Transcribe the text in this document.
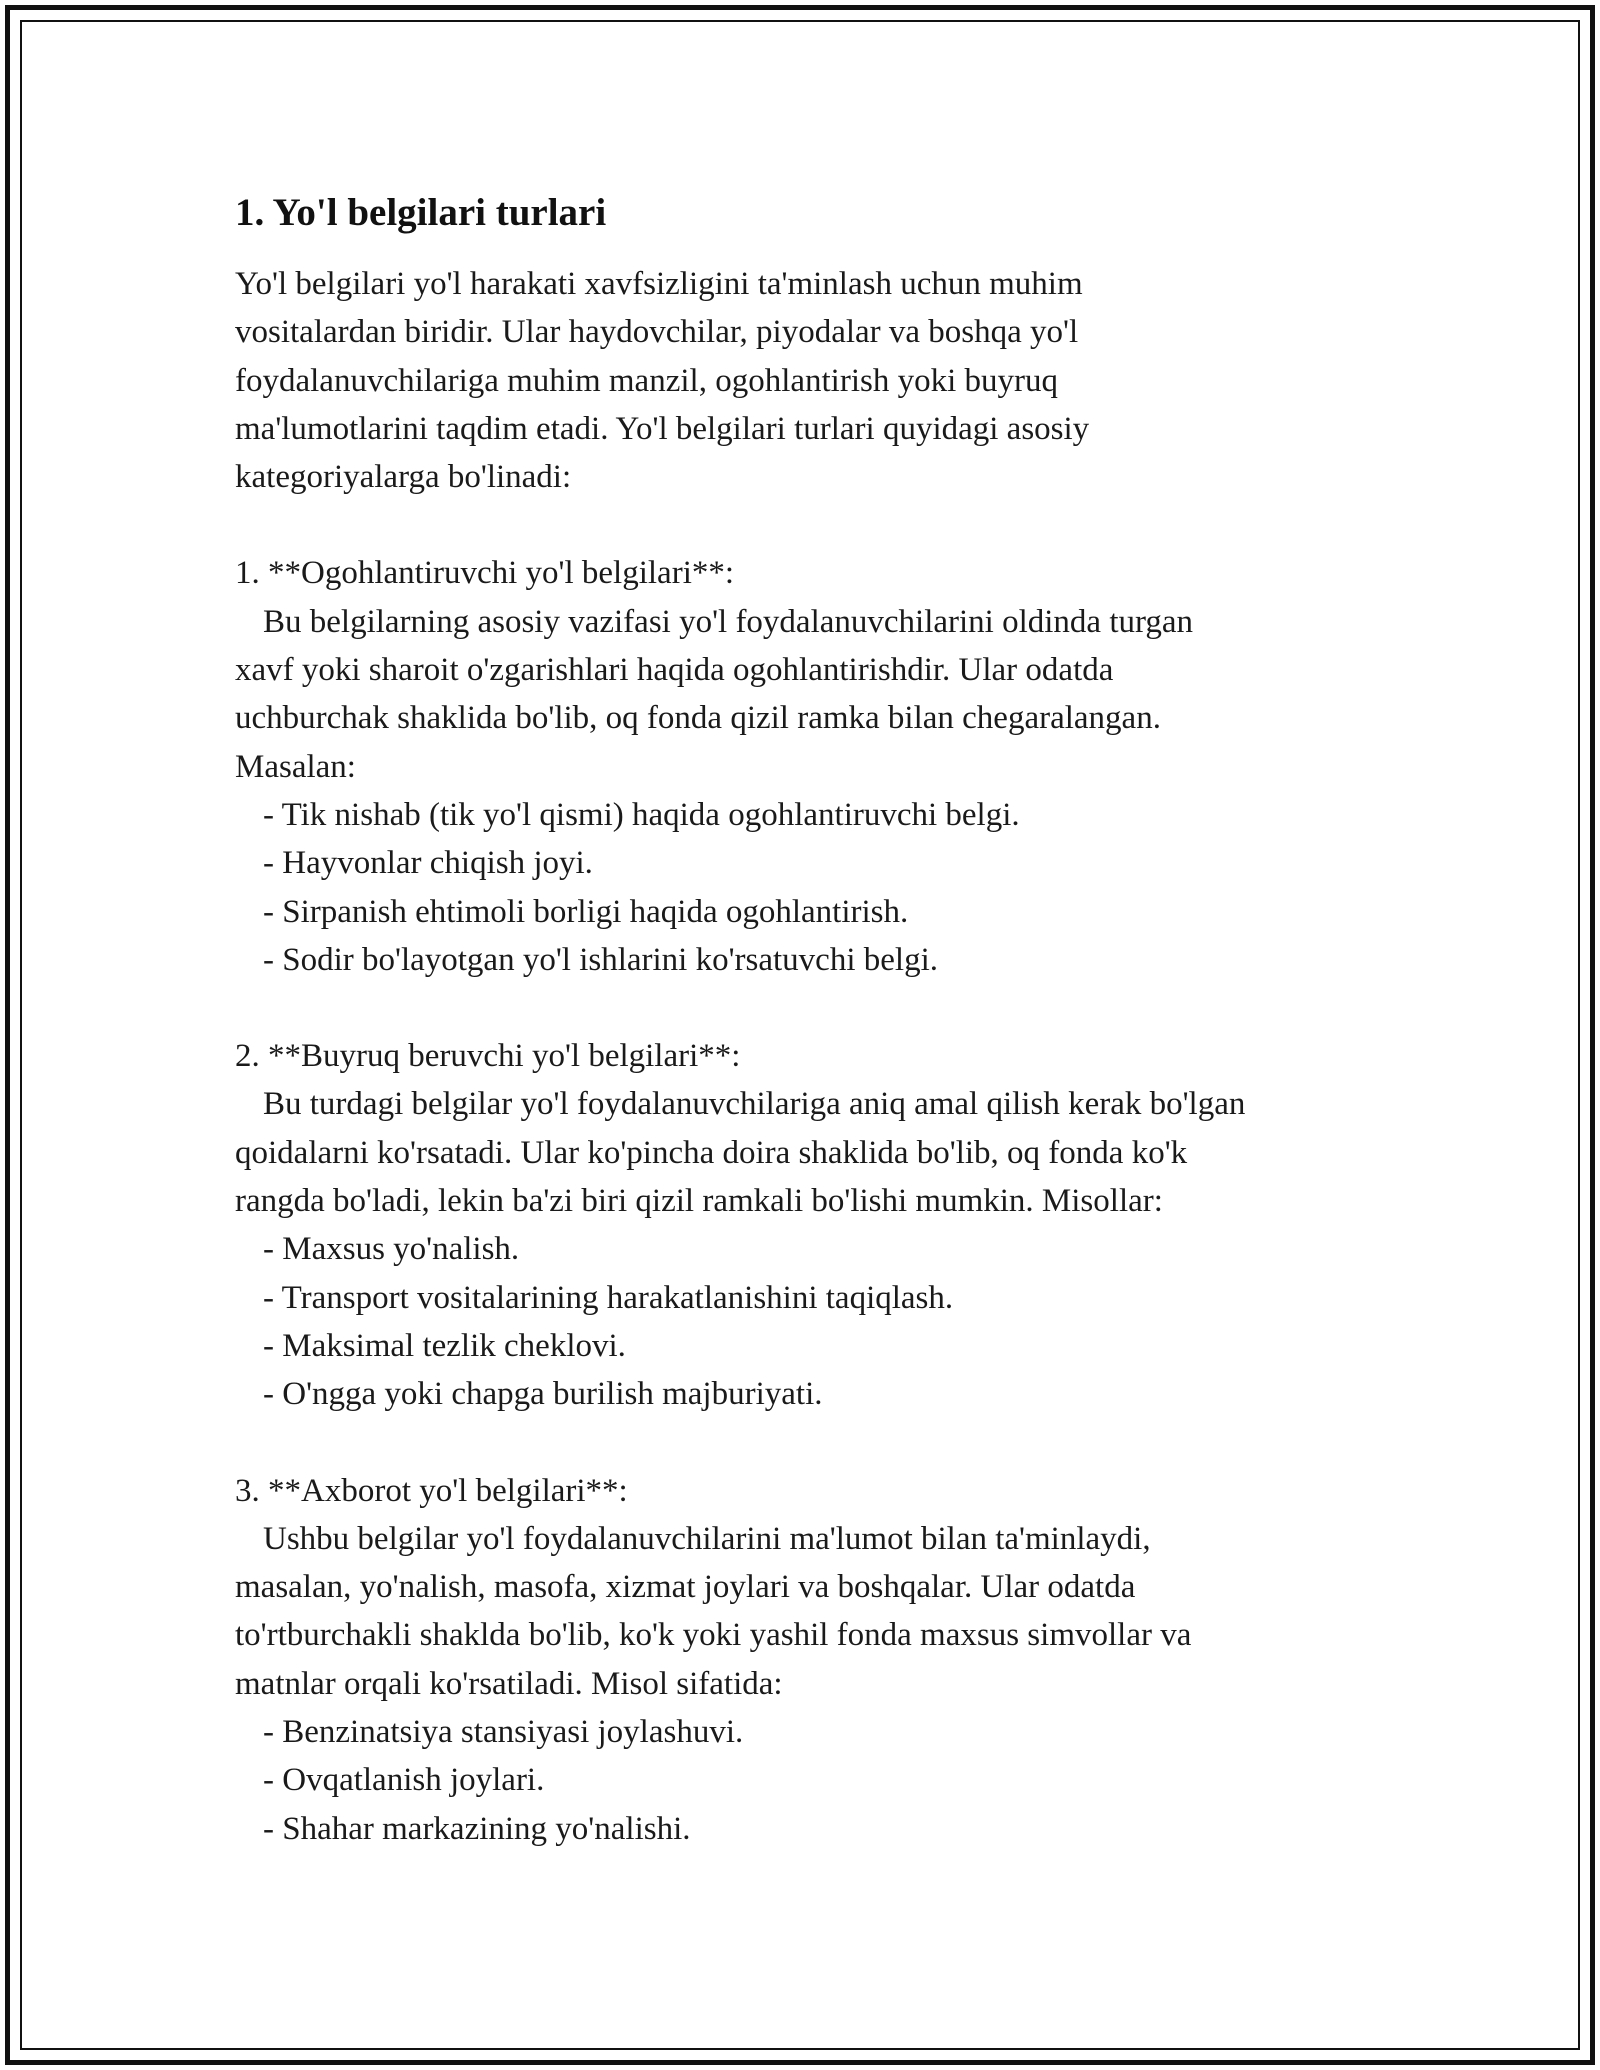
1. Yo'l belgilari turlari
Yo'l belgilari yo'l harakati xavfsizligini ta'minlash uchun muhim
vositalardan biridir. Ular haydovchilar, piyodalar va boshqa yo'l
foydalanuvchilariga muhim manzil, ogohlantirish yoki buyruq
ma'lumotlarini taqdim etadi. Yo'l belgilari turlari quyidagi asosiy
kategoriyalarga bo'linadi:
1. **Ogohlantiruvchi yo'l belgilari**:
Bu belgilarning asosiy vazifasi yo'l foydalanuvchilarini oldinda turgan
xavf yoki sharoit o'zgarishlari haqida ogohlantirishdir. Ular odatda
uchburchak shaklida bo'lib, oq fonda qizil ramka bilan chegaralangan.
Masalan:
- Tik nishab (tik yo'l qismi) haqida ogohlantiruvchi belgi.
- Hayvonlar chiqish joyi.
- Sirpanish ehtimoli borligi haqida ogohlantirish.
- Sodir bo'layotgan yo'l ishlarini ko'rsatuvchi belgi.
2. **Buyruq beruvchi yo'l belgilari**:
Bu turdagi belgilar yo'l foydalanuvchilariga aniq amal qilish kerak bo'lgan
qoidalarni ko'rsatadi. Ular ko'pincha doira shaklida bo'lib, oq fonda ko'k
rangda bo'ladi, lekin ba'zi biri qizil ramkali bo'lishi mumkin. Misollar:
- Maxsus yo'nalish.
- Transport vositalarining harakatlanishini taqiqlash.
- Maksimal tezlik cheklovi.
- O'ngga yoki chapga burilish majburiyati.
3. **Axborot yo'l belgilari**:
Ushbu belgilar yo'l foydalanuvchilarini ma'lumot bilan ta'minlaydi,
masalan, yo'nalish, masofa, xizmat joylari va boshqalar. Ular odatda
to'rtburchakli shaklda bo'lib, ko'k yoki yashil fonda maxsus simvollar va
matnlar orqali ko'rsatiladi. Misol sifatida:
- Benzinatsiya stansiyasi joylashuvi.
- Ovqatlanish joylari.
- Shahar markazining yo'nalishi.
